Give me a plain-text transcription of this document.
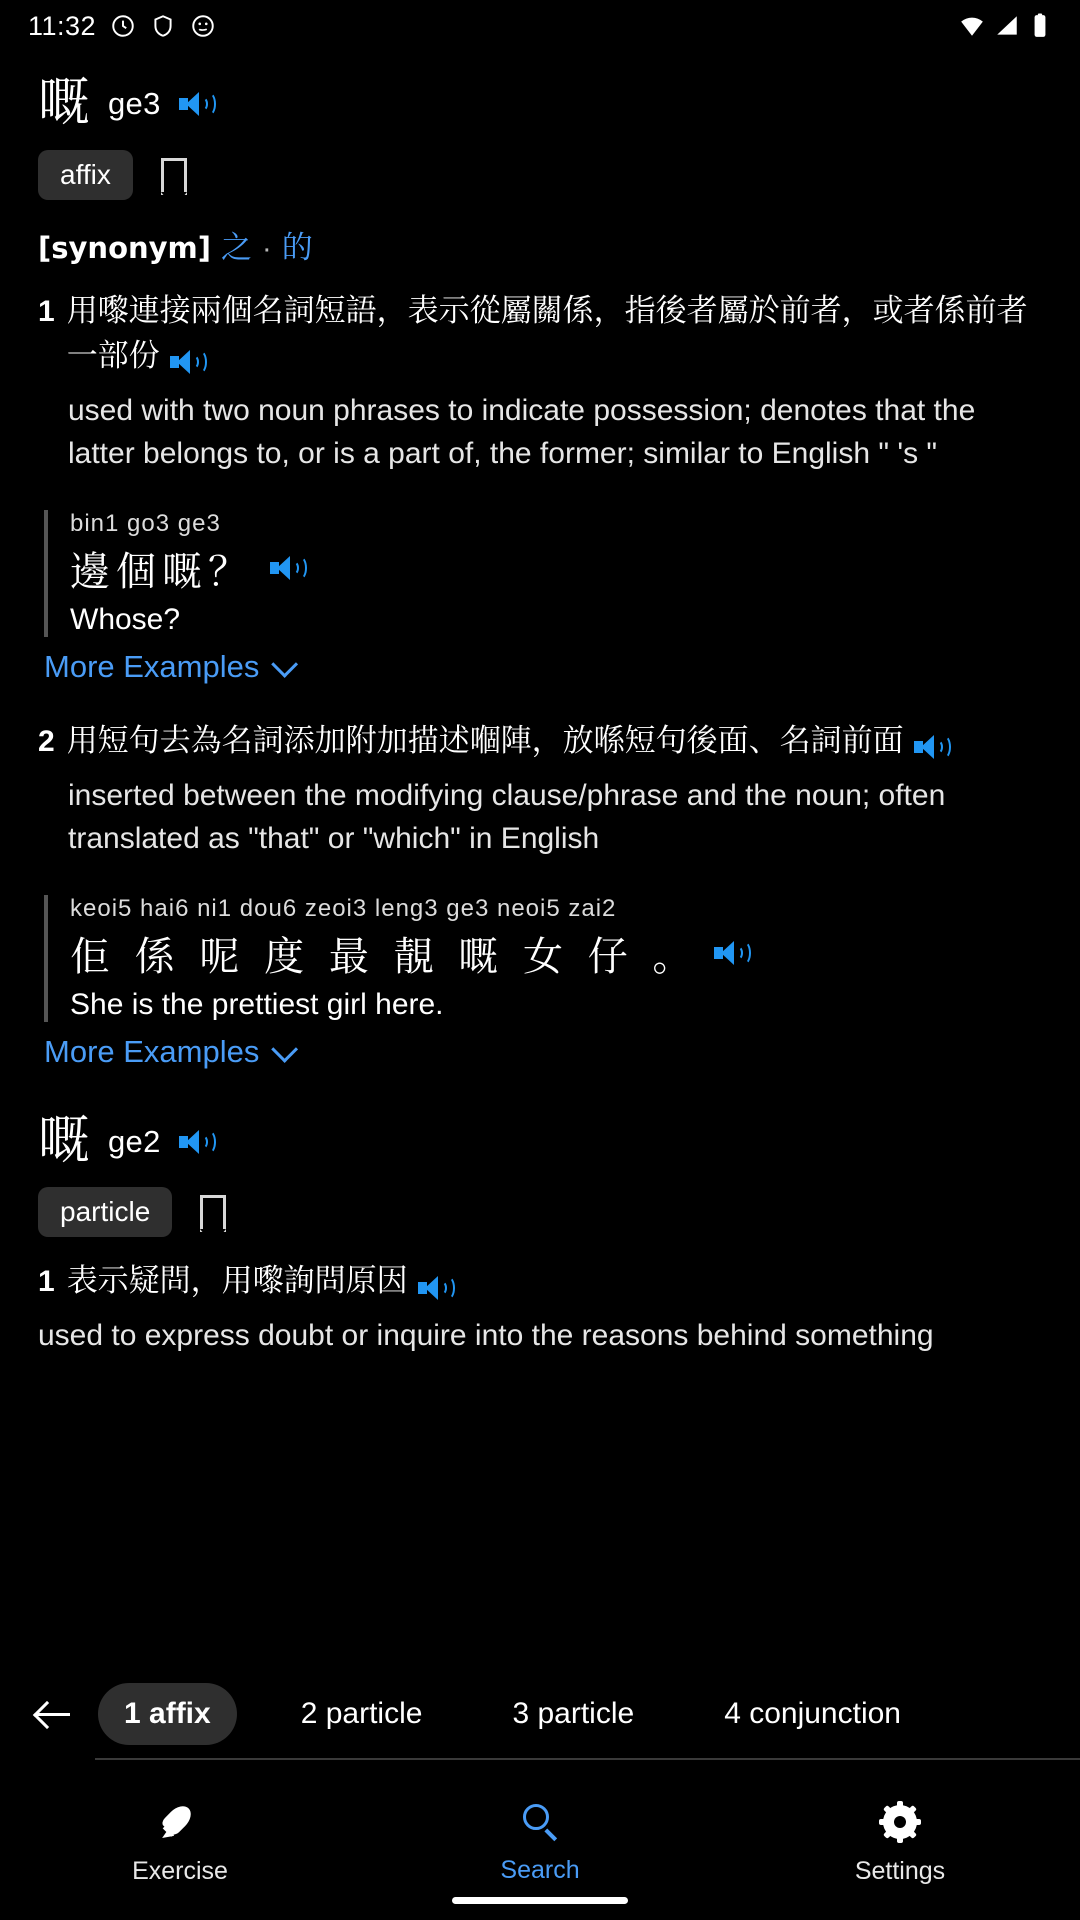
11:32
嘅 ge3
affix
[synonym] 之 · 的
1 用嚟連接兩個名詞短語，表示從屬關係，指後者屬於前者，或者係前者一部份
used with two noun phrases to indicate possession; denotes that the latter belongs to, or is a part of, the former; similar to English " 's "
bin1 go3 ge3
邊個嘅？
Whose?
More Examples
2 用短句去為名詞添加附加描述嗰陣，放喺短句後面、名詞前面
inserted between the modifying clause/phrase and the noun; often translated as "that" or "which" in English
keoi5 hai6 ni1 dou6 zeoi3 leng3 ge3 neoi5 zai2
佢 係 呢 度 最 靚 嘅 女 仔 。
She is the prettiest girl here.
More Examples
嘅 ge2
particle
1 表示疑問，用嚟詢問原因
used to express doubt or inquire into the reasons behind something
1 affix	2 particle	3 particle	4 conjunction
Exercise	Search	Settings
